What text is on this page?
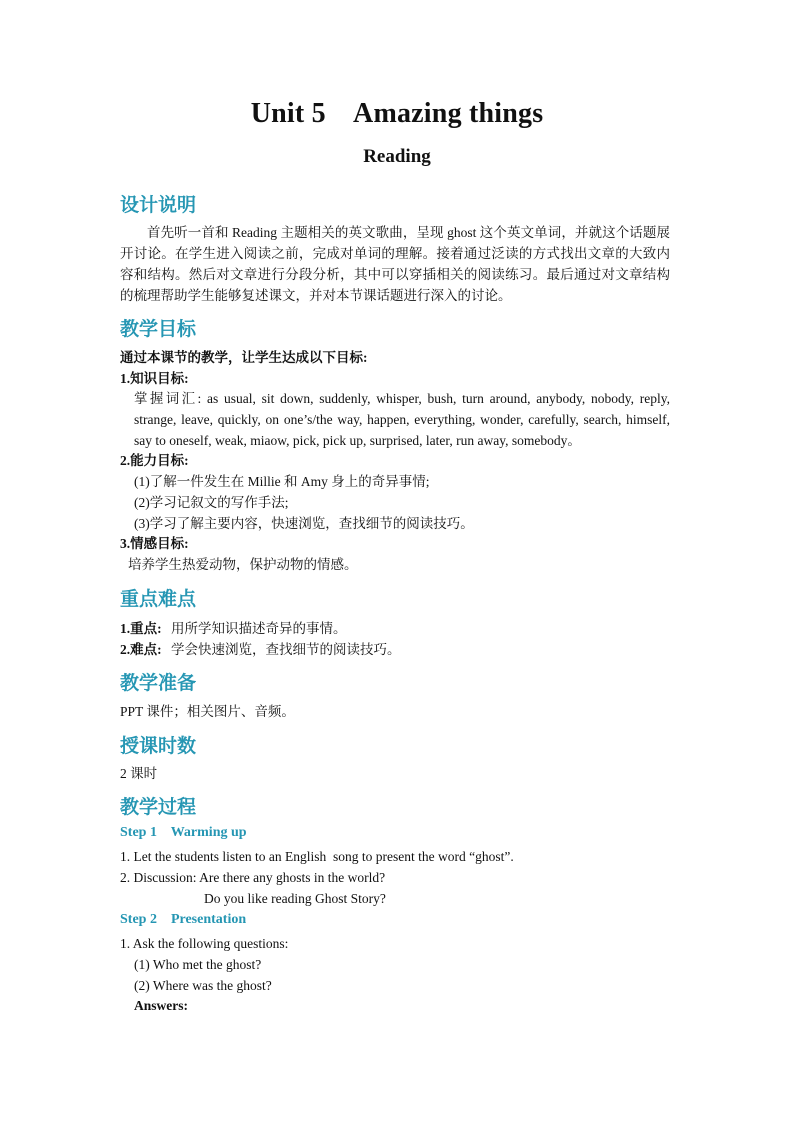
Unit 5    Amazing things
Reading
设计说明
首先听一首和 Reading 主题相关的英文歌曲，呈现 ghost 这个英文单词，并就这个话题展开讨论。在学生进入阅读之前，完成对单词的理解。接着通过泛读的方式找出文章的大致内容和结构。然后对文章进行分段分析，其中可以穿插相关的阅读练习。最后通过对文章结构的梳理帮助学生能够复述课文，并对本节课话题进行深入的讨论。
教学目标
通过本课节的教学，让学生达成以下目标:
1.知识目标:
掌握词汇: as usual, sit down, suddenly, whisper, bush, turn around, anybody, nobody, reply, strange, leave, quickly, on one’s/the way, happen, everything, wonder, carefully, search, himself, say to oneself, weak, miaow, pick, pick up, surprised, later, run away, somebody。
2.能力目标:
(1)了解一件发生在 Millie 和 Amy 身上的奇异事情;
(2)学习记叙文的写作手法;
(3)学习了解主要内容，快速浏览，查找细节的阅读技巧。
3.情感目标:
培养学生热爱动物，保护动物的情感。
重点难点
1.重点: 用所学知识描述奇异的事情。
2.难点: 学会快速浏览，查找细节的阅读技巧。
教学准备
PPT 课件；相关图片、音频。
授课时数
2 课时
教学过程
Step 1    Warming up
1. Let the students listen to an English  song to present the word “ghost”.
2. Discussion: Are there any ghosts in the world?
Do you like reading Ghost Story?
Step 2    Presentation
1. Ask the following questions:
(1) Who met the ghost?
(2) Where was the ghost?
Answers:
